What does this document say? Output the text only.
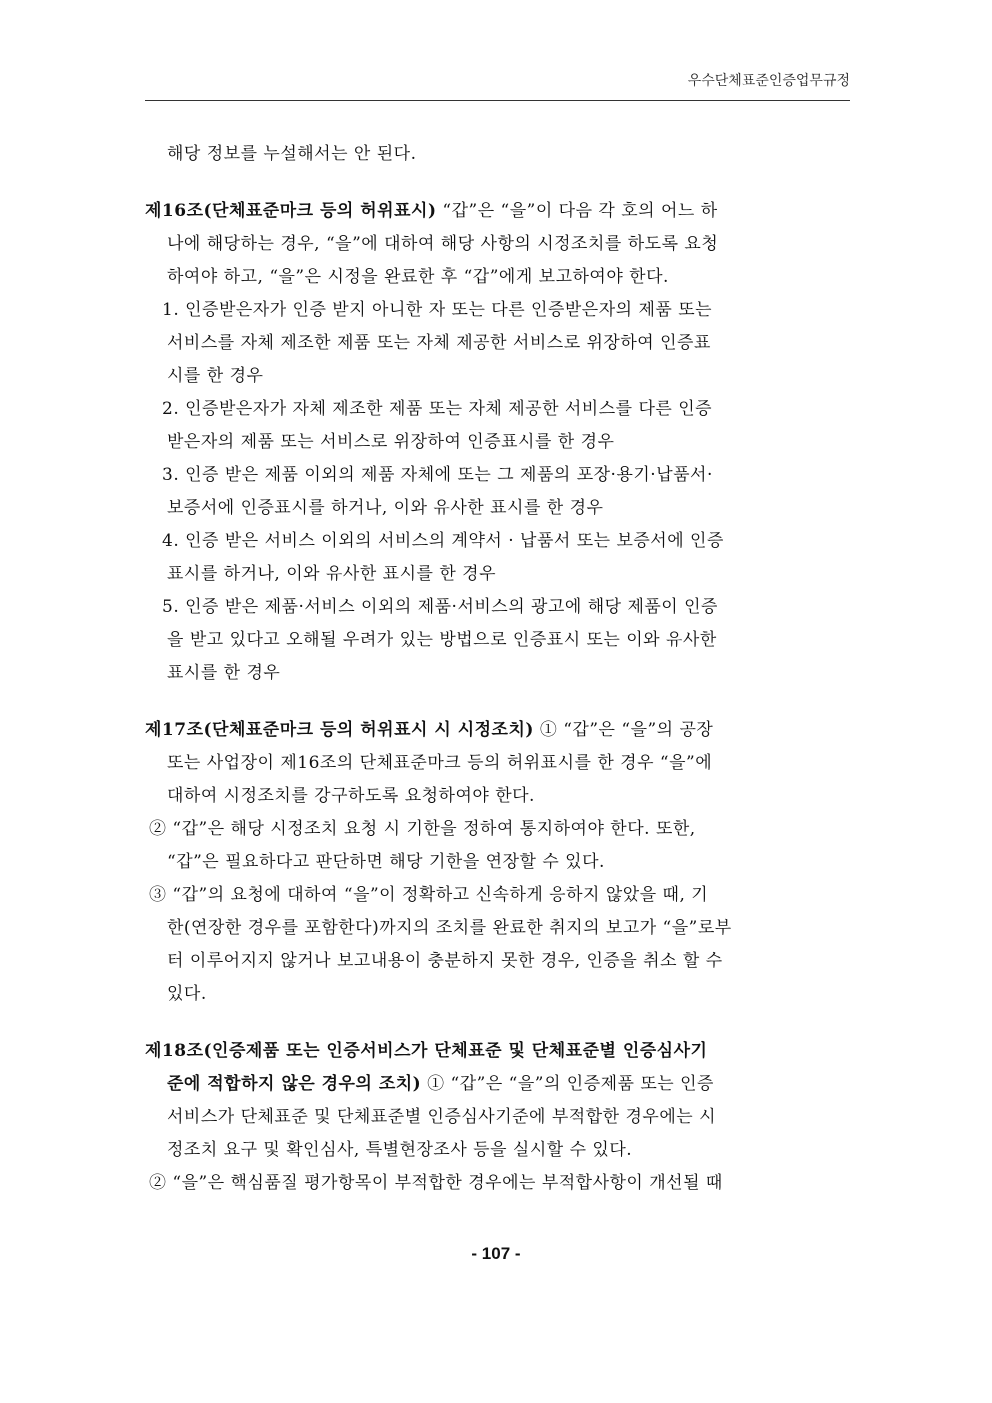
우수단체표준인증업무규정
해당 정보를 누설해서는 안 된다.
제16조(단체표준마크 등의 허위표시) “갑”은 “을”이 다음 각 호의 어느 하
나에 해당하는 경우, “을”에 대하여 해당 사항의 시정조치를 하도록 요청
하여야 하고, “을”은 시정을 완료한 후 “갑”에게 보고하여야 한다.
1. 인증받은자가 인증 받지 아니한 자 또는 다른 인증받은자의 제품 또는
서비스를 자체 제조한 제품 또는 자체 제공한 서비스로 위장하여 인증표
시를 한 경우
2. 인증받은자가 자체 제조한 제품 또는 자체 제공한 서비스를 다른 인증
받은자의 제품 또는 서비스로 위장하여 인증표시를 한 경우
3. 인증 받은 제품 이외의 제품 자체에 또는 그 제품의 포장·용기·납품서·
보증서에 인증표시를 하거나, 이와 유사한 표시를 한 경우
4. 인증 받은 서비스 이외의 서비스의 계약서 · 납품서 또는 보증서에 인증
표시를 하거나, 이와 유사한 표시를 한 경우
5. 인증 받은 제품·서비스 이외의 제품·서비스의 광고에 해당 제품이 인증
을 받고 있다고 오해될 우려가 있는 방법으로 인증표시 또는 이와 유사한
표시를 한 경우
제17조(단체표준마크 등의 허위표시 시 시정조치) ① “갑”은 “을”의 공장
또는 사업장이 제16조의 단체표준마크 등의 허위표시를 한 경우 “을”에
대하여 시정조치를 강구하도록 요청하여야 한다.
② “갑”은 해당 시정조치 요청 시 기한을 정하여 통지하여야 한다. 또한,
“갑”은 필요하다고 판단하면 해당 기한을 연장할 수 있다.
③ “갑”의 요청에 대하여 “을”이 정확하고 신속하게 응하지 않았을 때, 기
한(연장한 경우를 포함한다)까지의 조치를 완료한 취지의 보고가 “을”로부
터 이루어지지 않거나 보고내용이 충분하지 못한 경우, 인증을 취소 할 수
있다.
제18조(인증제품 또는 인증서비스가 단체표준 및 단체표준별 인증심사기
준에 적합하지 않은 경우의 조치) ① “갑”은 “을”의 인증제품 또는 인증
서비스가 단체표준 및 단체표준별 인증심사기준에 부적합한 경우에는 시
정조치 요구 및 확인심사, 특별현장조사 등을 실시할 수 있다.
② “을”은 핵심품질 평가항목이 부적합한 경우에는 부적합사항이 개선될 때
- 107 -
